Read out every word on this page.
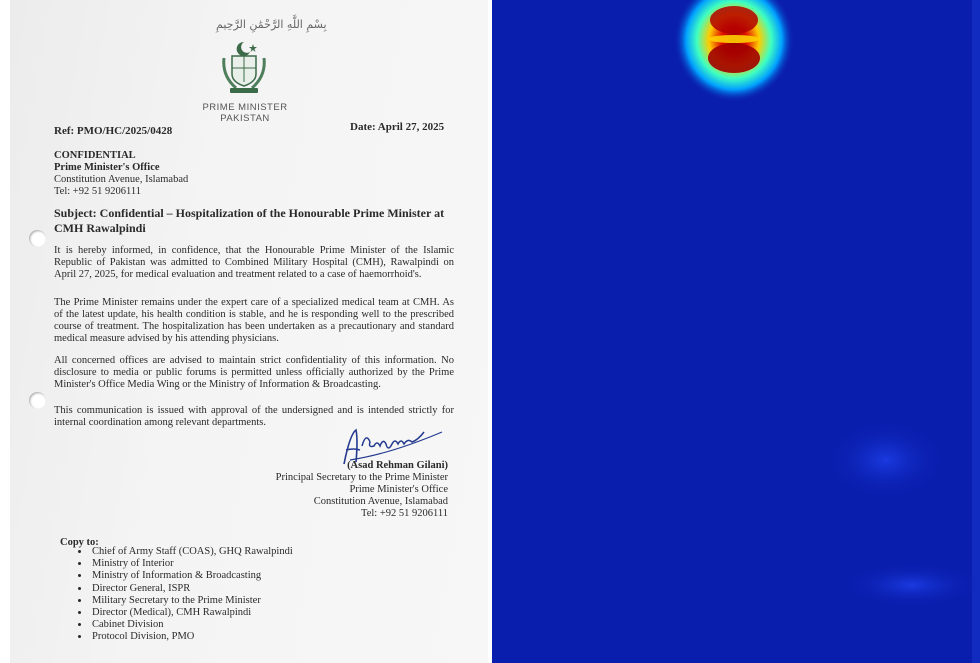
بِسْمِ اللَّهِ الرَّحْمَٰنِ الرَّحِيمِ
PRIME MINISTER
PAKISTAN
Ref: PMO/HC/2025/0428	Date: April 27, 2025
CONFIDENTIAL
Prime Minister's Office
Constitution Avenue, Islamabad
Tel: +92 51 9206111
Subject: Confidential – Hospitalization of the Honourable Prime Minister at CMH Rawalpindi
It is hereby informed, in confidence, that the Honourable Prime Minister of the Islamic Republic of Pakistan was admitted to Combined Military Hospital (CMH), Rawalpindi on April 27, 2025, for medical evaluation and treatment related to a case of haemorrhoid's.
The Prime Minister remains under the expert care of a specialized medical team at CMH. As of the latest update, his health condition is stable, and he is responding well to the prescribed course of treatment. The hospitalization has been undertaken as a precautionary and standard medical measure advised by his attending physicians.
All concerned offices are advised to maintain strict confidentiality of this information. No disclosure to media or public forums is permitted unless officially authorized by the Prime Minister's Office Media Wing or the Ministry of Information & Broadcasting.
This communication is issued with approval of the undersigned and is intended strictly for internal coordination among relevant departments.	A. Rehman
(Asad Rehman Gilani)
Principal Secretary to the Prime Minister
Prime Minister's Office
Constitution Avenue, Islamabad
Tel: +92 51 9206111
Copy to:
• Chief of Army Staff (COAS), GHQ Rawalpindi
• Ministry of Interior
• Ministry of Information & Broadcasting
• Director General, ISPR
• Military Secretary to the Prime Minister
• Director (Medical), CMH Rawalpindi
• Cabinet Division
• Protocol Division, PMO
